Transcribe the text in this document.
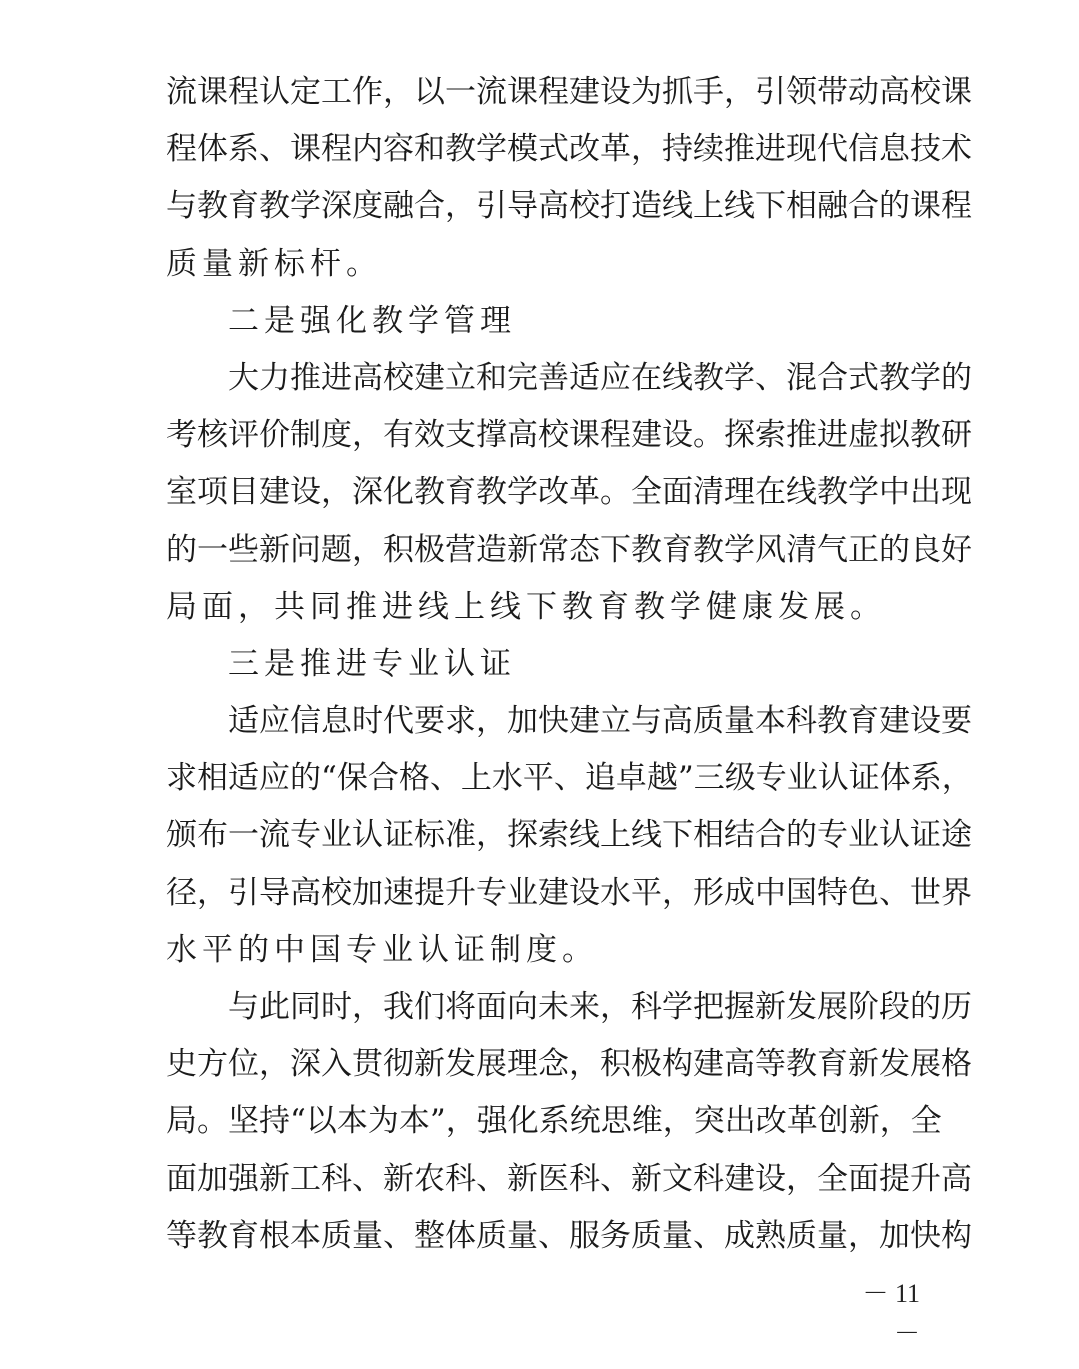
流课程认定工作，以一流课程建设为抓手，引领带动高校课
程体系、课程内容和教学模式改革，持续推进现代信息技术
与教育教学深度融合，引导高校打造线上线下相融合的课程
质量新标杆。
二是强化教学管理
大力推进高校建立和完善适应在线教学、混合式教学的
考核评价制度，有效支撑高校课程建设。探索推进虚拟教研
室项目建设，深化教育教学改革。全面清理在线教学中出现
的一些新问题，积极营造新常态下教育教学风清气正的良好
局面，共同推进线上线下教育教学健康发展。
三是推进专业认证
适应信息时代要求，加快建立与高质量本科教育建设要
求相适应的“保合格、上水平、追卓越”三级专业认证体系，
颁布一流专业认证标准，探索线上线下相结合的专业认证途
径，引导高校加速提升专业建设水平，形成中国特色、世界
水平的中国专业认证制度。
与此同时，我们将面向未来，科学把握新发展阶段的历
史方位，深入贯彻新发展理念，积极构建高等教育新发展格
局。坚持“以本为本”，强化系统思维，突出改革创新，全
面加强新工科、新农科、新医科、新文科建设，全面提升高
等教育根本质量、整体质量、服务质量、成熟质量，加快构
－ 11 －
